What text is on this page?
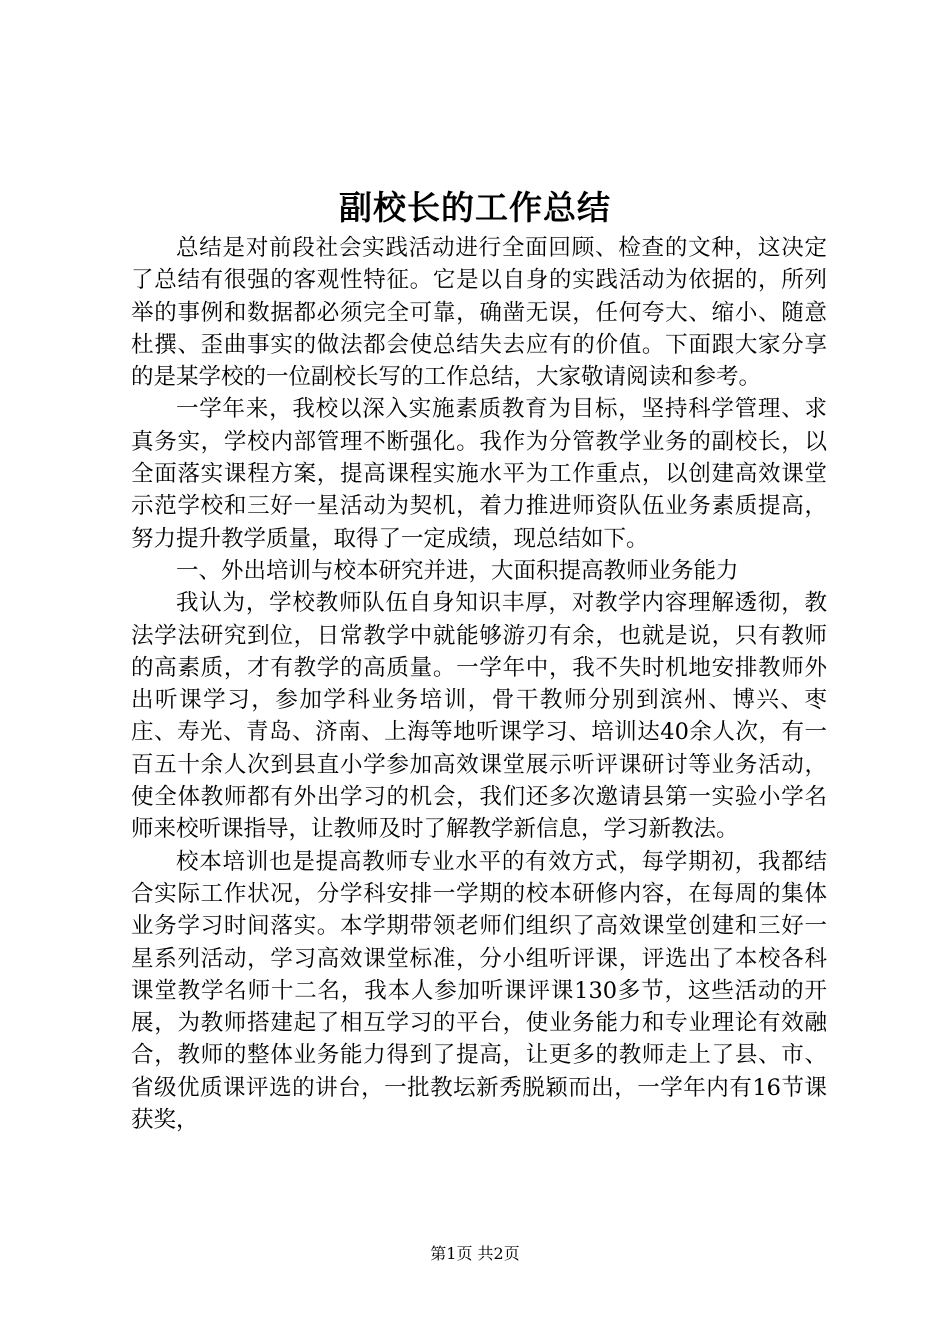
副校长的工作总结

总结是对前段社会实践活动进行全面回顾、检查的文种，这决定了总结有很强的客观性特征。它是以自身的实践活动为依据的，所列举的事例和数据都必须完全可靠，确凿无误，任何夸大、缩小、随意杜撰、歪曲事实的做法都会使总结失去应有的价值。下面跟大家分享的是某学校的一位副校长写的工作总结，大家敬请阅读和参考。

一学年来，我校以深入实施素质教育为目标，坚持科学管理、求真务实，学校内部管理不断强化。我作为分管教学业务的副校长，以全面落实课程方案，提高课程实施水平为工作重点，以创建高效课堂示范学校和三好一星活动为契机，着力推进师资队伍业务素质提高，努力提升教学质量，取得了一定成绩，现总结如下。

一、外出培训与校本研究并进，大面积提高教师业务能力

我认为，学校教师队伍自身知识丰厚，对教学内容理解透彻，教法学法研究到位，日常教学中就能够游刃有余，也就是说，只有教师的高素质，才有教学的高质量。一学年中，我不失时机地安排教师外出听课学习，参加学科业务培训，骨干教师分别到滨州、博兴、枣庄、寿光、青岛、济南、上海等地听课学习、培训达40余人次，有一百五十余人次到县直小学参加高效课堂展示听评课研讨等业务活动，使全体教师都有外出学习的机会，我们还多次邀请县第一实验小学名师来校听课指导，让教师及时了解教学新信息，学习新教法。

校本培训也是提高教师专业水平的有效方式，每学期初，我都结合实际工作状况，分学科安排一学期的校本研修内容，在每周的集体业务学习时间落实。本学期带领老师们组织了高效课堂创建和三好一星系列活动，学习高效课堂标准，分小组听评课，评选出了本校各科课堂教学名师十二名，我本人参加听课评课130多节，这些活动的开展，为教师搭建起了相互学习的平台，使业务能力和专业理论有效融合，教师的整体业务能力得到了提高，让更多的教师走上了县、市、省级优质课评选的讲台，一批教坛新秀脱颖而出，一学年内有16节课获奖，

第1页 共2页
